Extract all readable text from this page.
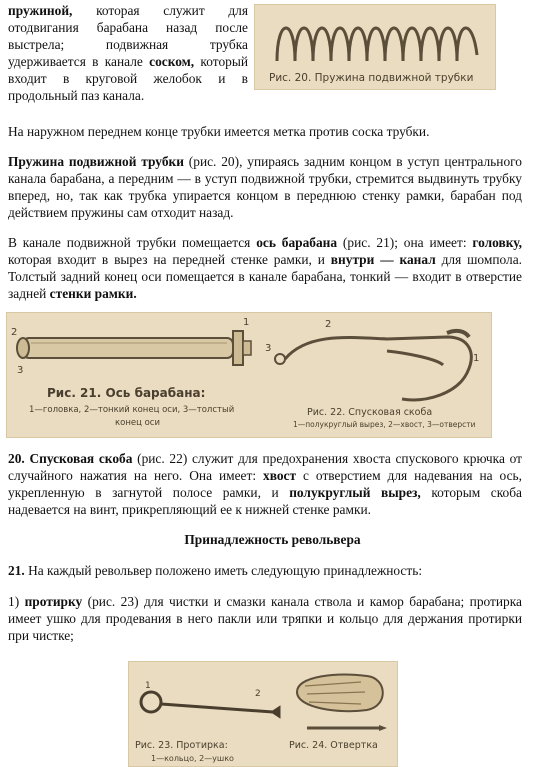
пружиной, которая служит для отодвигания барабана назад после выстрела; подвижная трубка удерживается в канале соском, который входит в круговой желобок и в продольный паз канала.

Рис. 20. Пружина подвижной трубки

На наружном переднем конце трубки имеется метка против соска трубки.

Пружина подвижной трубки (рис. 20), упираясь задним концом в уступ центрального канала барабана, а передним — в уступ подвижной трубки, стремится выдвинуть трубку вперед, но, так как трубка упирается концом в переднюю стенку рамки, барабан под действием пружины сам отходит назад.

В канале подвижной трубки помещается ось барабана (рис. 21); она имеет: головку, которая входит в вырез на передней стенке рамки, и внутри — канал для шомпола. Толстый задний конец оси помещается в канале барабана, тонкий — входит в отверстие задней стенки рамки.

2
1
3
Рис. 21. Ось барабана:
1—головка, 2—тонкий конец оси, 3—толстый
конец оси
2
3
1
Рис. 22. Спусковая скоба
1—полукруглый вырез, 2—хвост, 3—отверсти

20. Спусковая скоба (рис. 22) служит для предохранения хвоста спускового крючка от случайного нажатия на него. Она имеет: хвост с отверстием для надевания на ось, укрепленную в загнутой полосе рамки, и полукруглый вырез, которым скоба надевается на винт, прикрепляющий ее к нижней стенке рамки.

Принадлежность револьвера

21. На каждый револьвер положено иметь следующую принадлежность:

1) протирку (рис. 23) для чистки и смазки канала ствола и камор барабана; протирка имеет ушко для продевания в него пакли или тряпки и кольцо для держания протирки при чистке;

1
2
Рис. 23. Протирка:
1—кольцо, 2—ушко
Рис. 24. Отвертка
